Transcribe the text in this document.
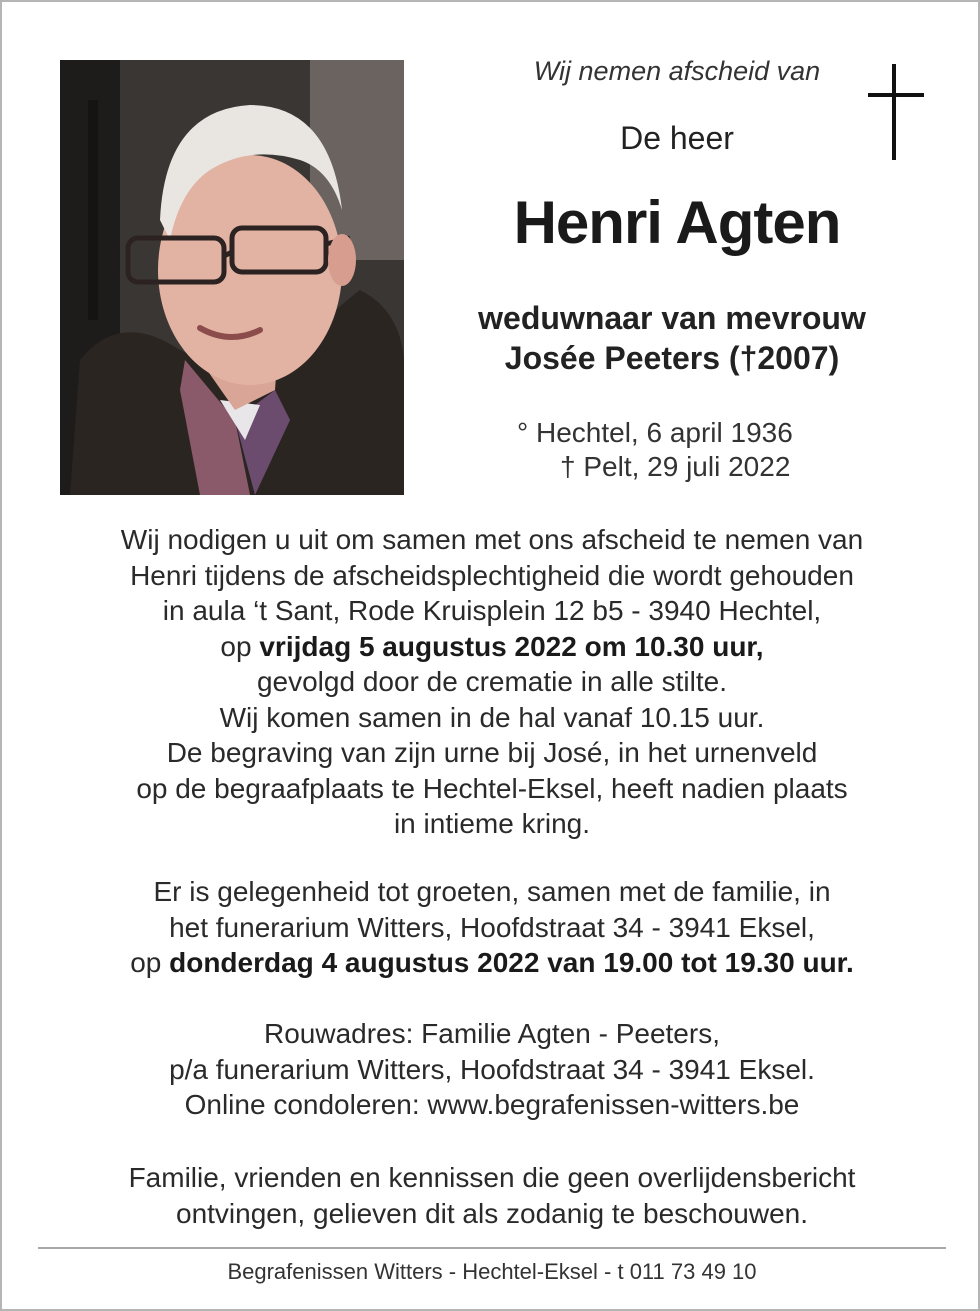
Wij nemen afscheid van
De heer
Henri Agten
weduwnaar van mevrouw
Josée Peeters (†2007)
° Hechtel, 6 april 1936
† Pelt, 29 juli 2022
Wij nodigen u uit om samen met ons afscheid te nemen van
Henri tijdens de afscheidsplechtigheid die wordt gehouden
in aula ‘t Sant, Rode Kruisplein 12 b5 - 3940 Hechtel,
op vrijdag 5 augustus 2022 om 10.30 uur,
gevolgd door de crematie in alle stilte.
Wij komen samen in de hal vanaf 10.15 uur.
De begraving van zijn urne bij José, in het urnenveld
op de begraafplaats te Hechtel-Eksel, heeft nadien plaats
in intieme kring.
Er is gelegenheid tot groeten, samen met de familie, in
het funerarium Witters, Hoofdstraat 34 - 3941 Eksel,
op donderdag 4 augustus 2022 van 19.00 tot 19.30 uur.
Rouwadres: Familie Agten - Peeters,
p/a funerarium Witters, Hoofdstraat 34 - 3941 Eksel.
Online condoleren: www.begrafenissen-witters.be
Familie, vrienden en kennissen die geen overlijdensbericht
ontvingen, gelieven dit als zodanig te beschouwen.
Begrafenissen Witters - Hechtel-Eksel - t 011 73 49 10
